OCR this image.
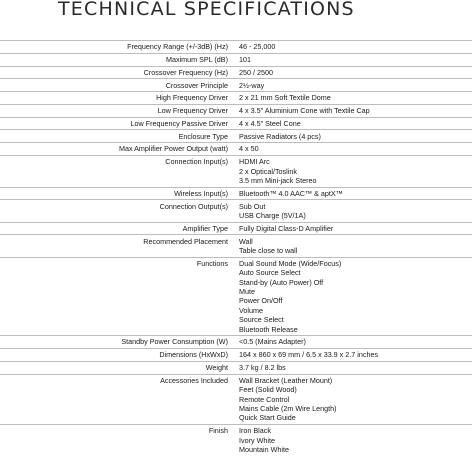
TECHNICAL SPECIFICATIONS
Frequency Range (+/-3dB) (Hz)	46 - 25,000
Maximum SPL (dB)	101
Crossover Frequency (Hz)	250 / 2500
Crossover Principle	2½-way
High Frequency Driver	2 x 21 mm Soft Textile Dome
Low Frequency Driver	4 x 3.5" Aluminium Cone with Textile Cap
Low Frequency Passive Driver	4 x 4.5" Steel Cone
Enclosure Type	Passive Radiators (4 pcs)
Max Amplifier Power Output (watt)	4 x 50
Connection Input(s)	HDMI Arc
2 x Optical/Toslink
3.5 mm Mini-jack Stereo
Wireless Input(s)	Bluetooth™ 4.0 AAC™ & aptX™
Connection Output(s)	Sub Out
USB Charge (5V/1A)
Amplifier Type	Fully Digital Class-D Amplifier
Recommended Placement	Wall
Table close to wall
Functions	Dual Sound Mode (Wide/Focus)
Auto Source Select
Stand-by (Auto Power) Off
Mute
Power On/Off
Volume
Source Select
Bluetooth Release
Standby Power Consumption (W)	<0.5 (Mains Adapter)
Dimensions (HxWxD)	164 x 860 x 69 mm / 6.5 x 33.9 x 2.7 inches
Weight	3.7 kg / 8.2 lbs
Accessories Included	Wall Bracket (Leather Mount)
Feet (Solid Wood)
Remote Control
Mains Cable (2m Wire Length)
Quick Start Guide
Finish	Iron Black
Ivory White
Mountain White
